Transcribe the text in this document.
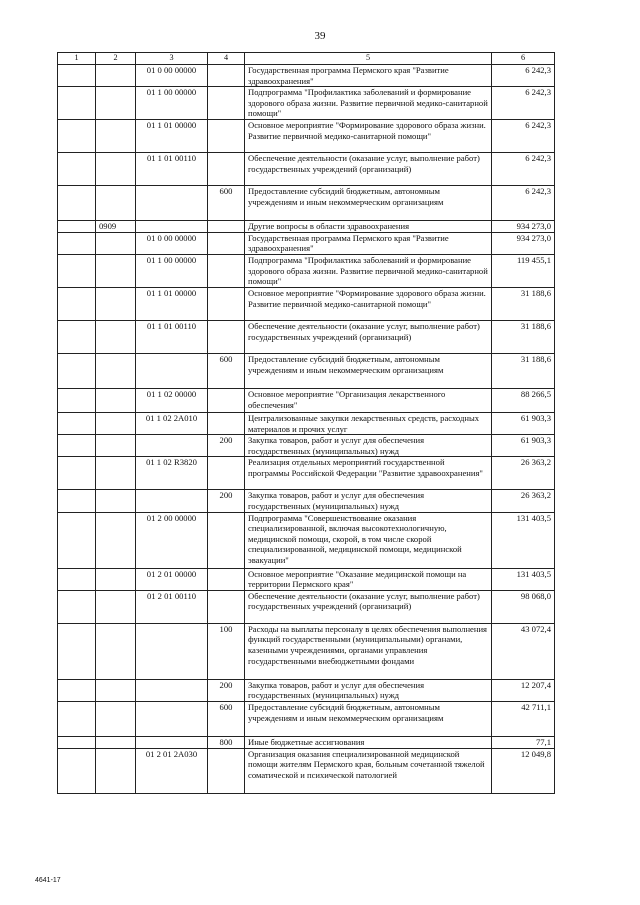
39
1	2	3	4	5	6
		01 0 00 00000		Государственная программа Пермского края "Развитие здравоохранения"	6 242,3
		01 1 00 00000		Подпрограмма "Профилактика заболеваний и формирование здорового образа жизни. Развитие первичной медико-санитарной помощи"	6 242,3
		01 1 01 00000		Основное мероприятие "Формирование здорового образа жизни. Развитие первичной медико-санитарной помощи"	6 242,3
		01 1 01 00110		Обеспечение деятельности (оказание услуг, выполнение работ) государственных учреждений (организаций)	6 242,3
			600	Предоставление субсидий бюджетным, автономным учреждениям и иным некоммерческим организациям	6 242,3
	0909			Другие вопросы в области здравоохранения	934 273,0
		01 0 00 00000		Государственная программа Пермского края "Развитие здравоохранения"	934 273,0
		01 1 00 00000		Подпрограмма "Профилактика заболеваний и формирование здорового образа жизни. Развитие первичной медико-санитарной помощи"	119 455,1
		01 1 01 00000		Основное мероприятие "Формирование здорового образа жизни. Развитие первичной медико-санитарной помощи"	31 188,6
		01 1 01 00110		Обеспечение деятельности (оказание услуг, выполнение работ) государственных учреждений (организаций)	31 188,6
			600	Предоставление субсидий бюджетным, автономным учреждениям и иным некоммерческим организациям	31 188,6
		01 1 02 00000		Основное мероприятие "Организация лекарственного обеспечения"	88 266,5
		01 1 02 2А010		Централизованные закупки лекарственных средств, расходных материалов и прочих услуг	61 903,3
			200	Закупка товаров, работ и услуг для обеспечения государственных (муниципальных) нужд	61 903,3
		01 1 02 R3820		Реализация отдельных мероприятий государственной программы Российской Федерации "Развитие здравоохранения"	26 363,2
			200	Закупка товаров, работ и услуг для обеспечения государственных (муниципальных) нужд	26 363,2
		01 2 00 00000		Подпрограмма "Совершенствование оказания специализированной, включая высокотехнологичную, медицинской помощи, скорой, в том числе скорой специализированной, медицинской помощи, медицинской эвакуации"	131 403,5
		01 2 01 00000		Основное мероприятие "Оказание медицинской помощи на территории Пермского края"	131 403,5
		01 2 01 00110		Обеспечение деятельности (оказание услуг, выполнение работ) государственных учреждений (организаций)	98 068,0
			100	Расходы на выплаты персоналу в целях обеспечения выполнения функций государственными (муниципальными) органами, казенными учреждениями, органами управления государственными внебюджетными фондами	43 072,4
			200	Закупка товаров, работ и услуг для обеспечения государственных (муниципальных) нужд	12 207,4
			600	Предоставление субсидий бюджетным, автономным учреждениям и иным некоммерческим организациям	42 711,1
			800	Иные бюджетные ассигнования	77,1
		01 2 01 2А030		Организация оказания специализированной медицинской помощи жителям Пермского края, больным сочетанной тяжелой соматической и психической патологией	12 049,8
4641-17
